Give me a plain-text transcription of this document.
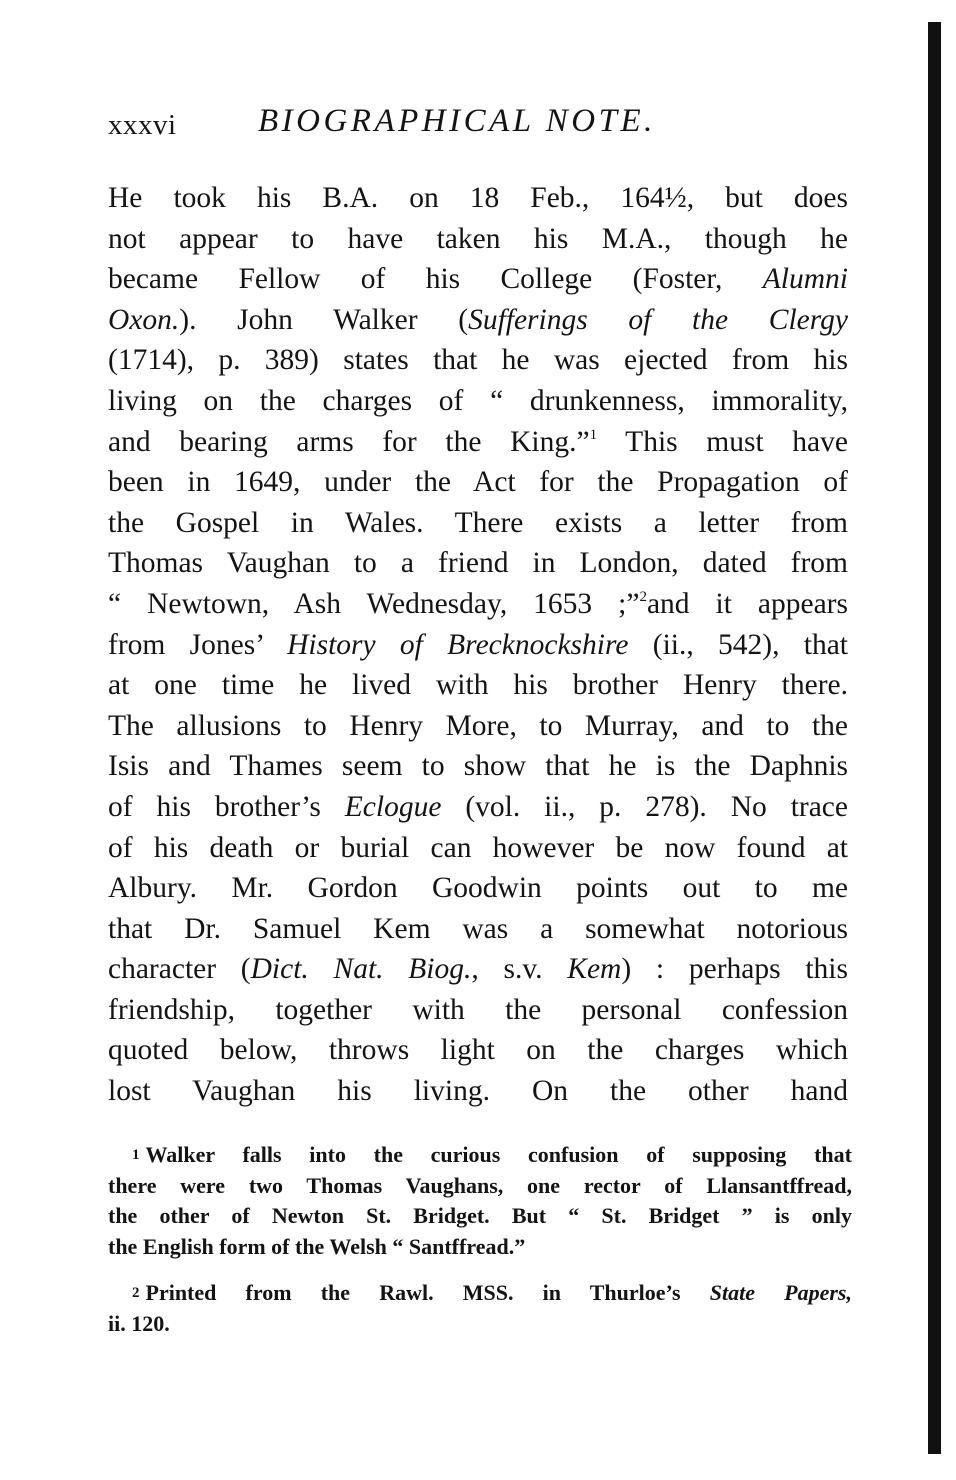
xxxvi BIOGRAPHICAL NOTE.
He took his B.A. on 18 Feb., 164½, but does
not appear to have taken his M.A., though he
became Fellow of his College (Foster, Alumni
Oxon.). John Walker (Sufferings of the Clergy
(1714), p. 389) states that he was ejected from his
living on the charges of “ drunkenness, immorality,
and bearing arms for the King.”$^1$ This must have
been in 1649, under the Act for the Propagation of
the Gospel in Wales. There exists a letter from
Thomas Vaughan to a friend in London, dated from
“ Newtown, Ash Wednesday, 1653 ;”$^2$and it appears
from Jones’ History of Brecknockshire (ii., 542), that
at one time he lived with his brother Henry there.
The allusions to Henry More, to Murray, and to the
Isis and Thames seem to show that he is the Daphnis
of his brother’s Eclogue (vol. ii., p. 278). No trace
of his death or burial can however be now found at
Albury. Mr. Gordon Goodwin points out to me
that Dr. Samuel Kem was a somewhat notorious
character (Dict. Nat. Biog., s.v. Kem) : perhaps this
friendship, together with the personal confession
quoted below, throws light on the charges which
lost Vaughan his living. On the other hand
1 Walker falls into the curious confusion of supposing that
there were two Thomas Vaughans, one rector of Llansantffread,
the other of Newton St. Bridget. But “ St. Bridget ” is only
the English form of the Welsh “ Santffread.”
2 Printed from the Rawl. MSS. in Thurloe’s State Papers,
ii. 120.
